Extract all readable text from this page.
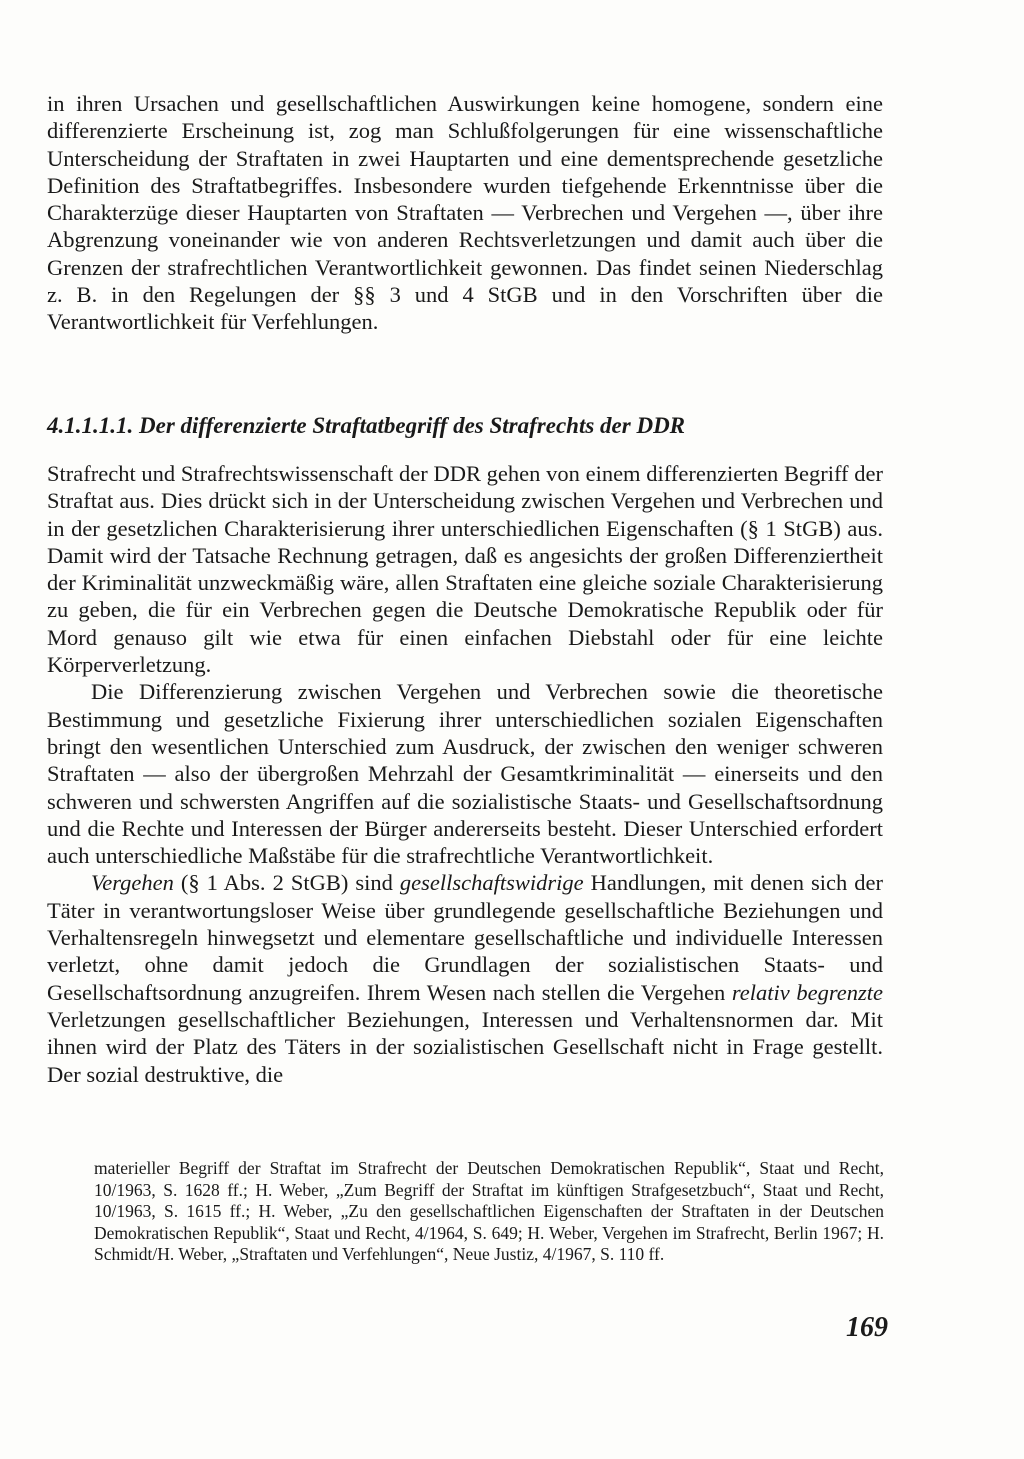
in ihren Ursachen und gesellschaftlichen Auswirkungen keine homogene, sondern eine differenzierte Erscheinung ist, zog man Schlußfolgerungen für eine wissenschaftliche Unterscheidung der Straftaten in zwei Hauptarten und eine dementsprechende gesetzliche Definition des Straftatbegriffes. Insbesondere wurden tiefgehende Erkenntnisse über die Charakterzüge dieser Hauptarten von Straftaten — Verbrechen und Vergehen —, über ihre Abgrenzung voneinander wie von anderen Rechtsverletzungen und damit auch über die Grenzen der strafrechtlichen Verantwortlichkeit gewonnen. Das findet seinen Niederschlag z. B. in den Regelungen der §§ 3 und 4 StGB und in den Vorschriften über die Verantwortlichkeit für Verfehlungen.

4.1.1.1.1. Der differenzierte Straftatbegriff des Strafrechts der DDR

Strafrecht und Strafrechtswissenschaft der DDR gehen von einem differenzierten Begriff der Straftat aus. Dies drückt sich in der Unterscheidung zwischen Vergehen und Verbrechen und in der gesetzlichen Charakterisierung ihrer unterschiedlichen Eigenschaften (§ 1 StGB) aus. Damit wird der Tatsache Rechnung getragen, daß es angesichts der großen Differenziertheit der Kriminalität unzweckmäßig wäre, allen Straftaten eine gleiche soziale Charakterisierung zu geben, die für ein Verbrechen gegen die Deutsche Demokratische Republik oder für Mord genauso gilt wie etwa für einen einfachen Diebstahl oder für eine leichte Körperverletzung.

Die Differenzierung zwischen Vergehen und Verbrechen sowie die theoretische Bestimmung und gesetzliche Fixierung ihrer unterschiedlichen sozialen Eigenschaften bringt den wesentlichen Unterschied zum Ausdruck, der zwischen den weniger schweren Straftaten — also der übergroßen Mehrzahl der Gesamtkriminalität — einerseits und den schweren und schwersten Angriffen auf die sozialistische Staats- und Gesellschaftsordnung und die Rechte und Interessen der Bürger andererseits besteht. Dieser Unterschied erfordert auch unterschiedliche Maßstäbe für die strafrechtliche Verantwortlichkeit.

Vergehen (§ 1 Abs. 2 StGB) sind gesellschaftswidrige Handlungen, mit denen sich der Täter in verantwortungsloser Weise über grundlegende gesellschaftliche Beziehungen und Verhaltensregeln hinwegsetzt und elementare gesellschaftliche und individuelle Interessen verletzt, ohne damit jedoch die Grundlagen der sozialistischen Staats- und Gesellschaftsordnung anzugreifen. Ihrem Wesen nach stellen die Vergehen relativ begrenzte Verletzungen gesellschaftlicher Beziehungen, Interessen und Verhaltensnormen dar. Mit ihnen wird der Platz des Täters in der sozialistischen Gesellschaft nicht in Frage gestellt. Der sozial destruktive, die

materieller Begriff der Straftat im Strafrecht der Deutschen Demokratischen Republik“, Staat und Recht, 10/1963, S. 1628 ff.; H. Weber, „Zum Begriff der Straftat im künftigen Strafgesetzbuch“, Staat und Recht, 10/1963, S. 1615 ff.; H. Weber, „Zu den gesellschaftlichen Eigenschaften der Straftaten in der Deutschen Demokratischen Republik“, Staat und Recht, 4/1964, S. 649; H. Weber, Vergehen im Strafrecht, Berlin 1967; H. Schmidt/H. Weber, „Straftaten und Verfehlungen“, Neue Justiz, 4/1967, S. 110 ff.

169
